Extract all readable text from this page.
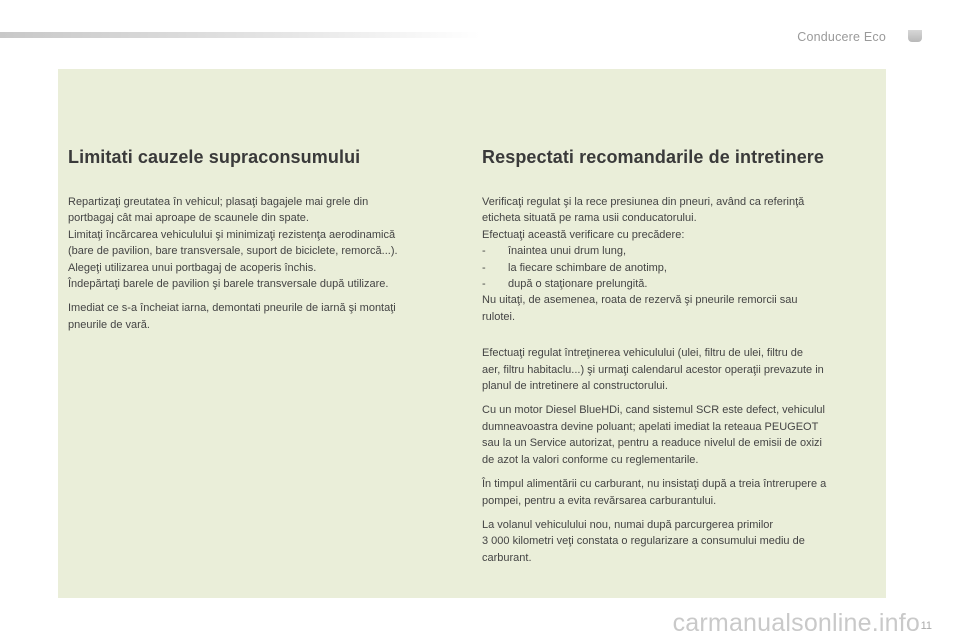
Conducere Eco
Limitati cauzele supraconsumului

Repartizaţi greutatea în vehicul; plasaţi bagajele mai grele din
portbagaj cât mai aproape de scaunele din spate.
Limitaţi încărcarea vehiculului şi minimizaţi rezistenţa aerodinamică
(bare de pavilion, bare transversale, suport de biciclete, remorcă...).
Alegeţi utilizarea unui portbagaj de acoperis închis.
Îndepărtaţi barele de pavilion şi barele transversale după utilizare.

Imediat ce s-a încheiat iarna, demontati pneurile de iarnă şi montaţi
pneurile de vară.

Respectati recomandarile de intretinere

Verificaţi regulat şi la rece presiunea din pneuri, având ca referinţă
eticheta situată pe rama usii conducatorului.
Efectuaţi această verificare cu precădere:
- înaintea unui drum lung,
- la fiecare schimbare de anotimp,
- după o staţionare prelungită.
Nu uitaţi, de asemenea, roata de rezervă şi pneurile remorcii sau
rulotei.

Efectuaţi regulat întreţinerea vehiculului (ulei, filtru de ulei, filtru de
aer, filtru habitaclu...) şi urmaţi calendarul acestor operaţii prevazute in
planul de intretinere al constructorului.

Cu un motor Diesel BlueHDi, cand sistemul SCR este defect, vehiculul
dumneavoastra devine poluant; apelati imediat la reteaua PEUGEOT
sau la un Service autorizat, pentru a readuce nivelul de emisii de oxizi
de azot la valori conforme cu reglementarile.

În timpul alimentării cu carburant, nu insistaţi după a treia întrerupere a
pompei, pentru a evita revărsarea carburantului.

La volanul vehiculului nou, numai după parcurgerea primilor
3 000 kilometri veţi constata o regularizare a consumului mediu de
carburant.

11
carmanualsonline.info
